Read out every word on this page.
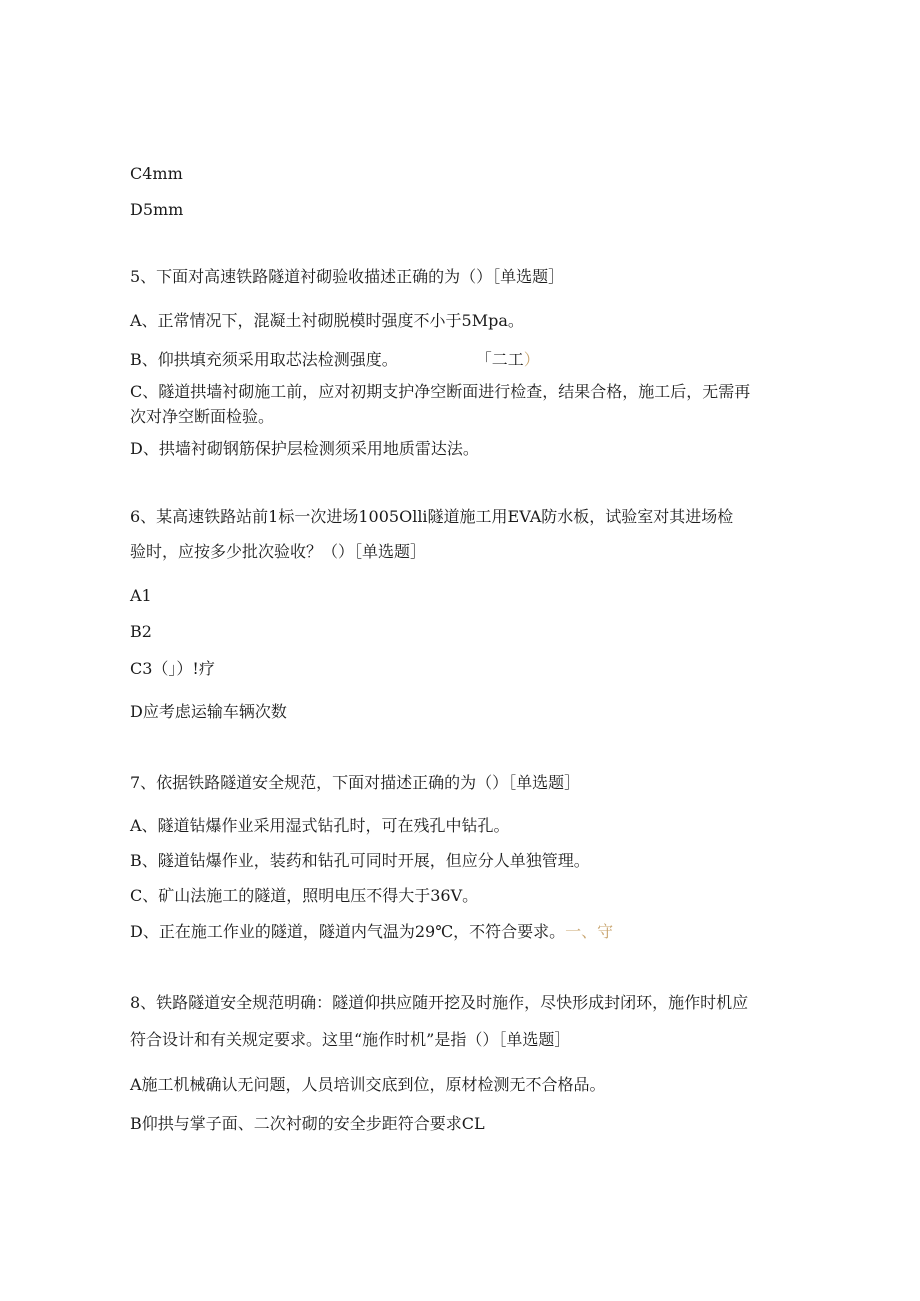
C4mm
D5mm
5、下面对高速铁路隧道衬砌验收描述正确的为（）［单选题］
A、正常情况下，混凝土衬砌脱模时强度不小于5Mpa。
B、仰拱填充须采用取芯法检测强度。	「二工）
C、隧道拱墙衬砌施工前，应对初期支护净空断面进行检查，结果合格，施工后，无需再
次对净空断面检验。
D、拱墙衬砌钢筋保护层检测须采用地质雷达法。
6、某高速铁路站前1标一次进场1005Olli隧道施工用EVA防水板，试验室对其进场检
验时，应按多少批次验收？（）［单选题］
A1
B2
C3（」）!疗
D应考虑运输车辆次数
7、依据铁路隧道安全规范，下面对描述正确的为（）［单选题］
A、隧道钻爆作业采用湿式钻孔时，可在残孔中钻孔。
B、隧道钻爆作业，装药和钻孔可同时开展，但应分人单独管理。
C、矿山法施工的隧道，照明电压不得大于36V。
D、正在施工作业的隧道，隧道内气温为29℃，不符合要求。一、守
8、铁路隧道安全规范明确：隧道仰拱应随开挖及时施作，尽快形成封闭环，施作时机应
符合设计和有关规定要求。这里“施作时机”是指（）［单选题］
A施工机械确认无问题，人员培训交底到位，原材检测无不合格品。
B仰拱与掌子面、二次衬砌的安全步距符合要求CL
